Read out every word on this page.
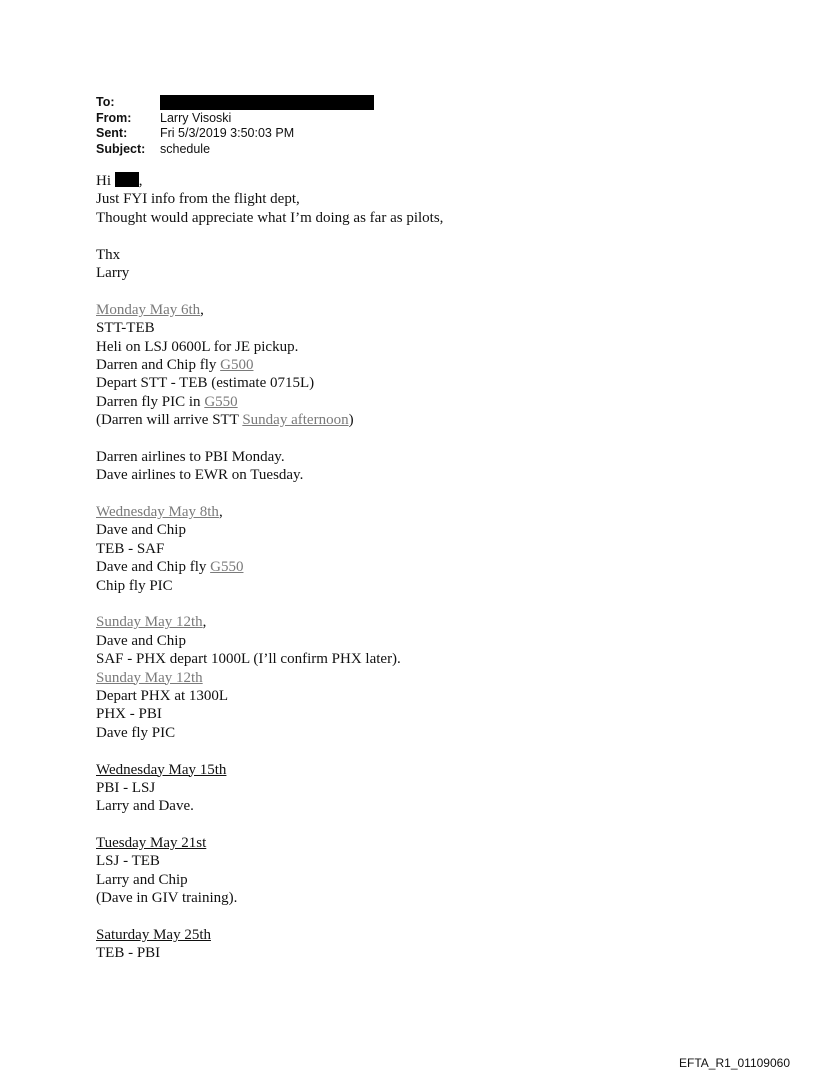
To:
From:	Larry Visoski
Sent:	Fri 5/3/2019 3:50:03 PM
Subject:	schedule
Hi ,
Just FYI info from the flight dept,
Thought would appreciate what I’m doing as far as pilots,
Thx
Larry
Monday May 6th,
STT-TEB
Heli on LSJ 0600L for JE pickup.
Darren and Chip fly G500
Depart STT - TEB (estimate 0715L)
Darren fly PIC in G550
(Darren will arrive STT Sunday afternoon)
Darren airlines to PBI Monday.
Dave airlines to EWR on Tuesday.
Wednesday May 8th,
Dave and Chip
TEB - SAF
Dave and Chip fly G550
Chip fly PIC
Sunday May 12th,
Dave and Chip
SAF - PHX depart 1000L (I’ll confirm PHX later).
Sunday May 12th
Depart PHX at 1300L
PHX - PBI
Dave fly PIC
Wednesday May 15th
PBI - LSJ
Larry and Dave.
Tuesday May 21st
LSJ - TEB
Larry and Chip
(Dave in GIV training).
Saturday May 25th
TEB - PBI
EFTA_R1_01109060
